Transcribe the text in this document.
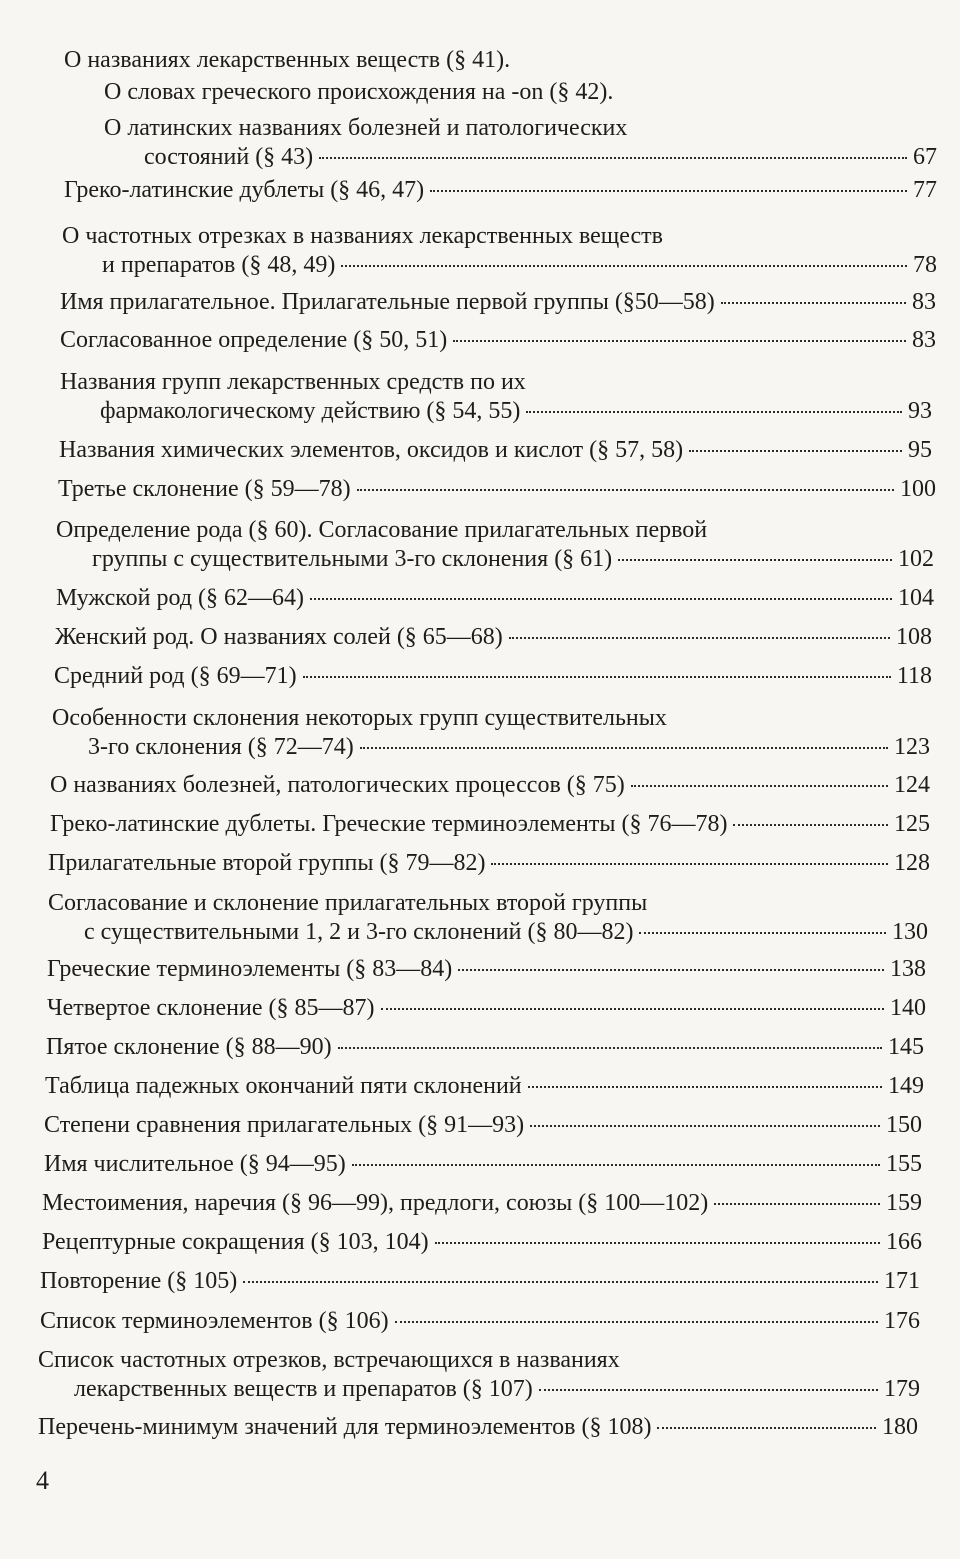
О названиях лекарственных веществ (§ 41).
О словах греческого происхождения на -on (§ 42).
О латинских названиях болезней и патологических
состояний (§ 43)	67
Греко-латинские дублеты (§ 46, 47)	77
О частотных отрезках в названиях лекарственных веществ
и препаратов (§ 48, 49)	78
Имя прилагательное. Прилагательные первой группы (§50—58)	83
Согласованное определение (§ 50, 51)	83
Названия групп лекарственных средств по их
фармакологическому действию (§ 54, 55)	93
Названия химических элементов, оксидов и кислот (§ 57, 58)	95
Третье склонение (§ 59—78)	100
Определение рода (§ 60). Согласование прилагательных первой
группы с существительными 3-го склонения (§ 61)	102
Мужской род (§ 62—64)	104
Женский род. О названиях солей (§ 65—68)	108
Средний род (§ 69—71)	118
Особенности склонения некоторых групп существительных
3-го склонения (§ 72—74)	123
О названиях болезней, патологических процессов (§ 75)	124
Греко-латинские дублеты. Греческие терминоэлементы (§ 76—78)	125
Прилагательные второй группы (§ 79—82)	128
Согласование и склонение прилагательных второй группы
с существительными 1, 2 и 3-го склонений (§ 80—82)	130
Греческие терминоэлементы (§ 83—84)	138
Четвертое склонение (§ 85—87)	140
Пятое склонение (§ 88—90)	145
Таблица падежных окончаний пяти склонений	149
Степени сравнения прилагательных (§ 91—93)	150
Имя числительное (§ 94—95)	155
Местоимения, наречия (§ 96—99), предлоги, союзы (§ 100—102)	159
Рецептурные сокращения (§ 103, 104)	166
Повторение (§ 105)	171
Список терминоэлементов (§ 106)	176
Список частотных отрезков, встречающихся в названиях
лекарственных веществ и препаратов (§ 107)	179
Перечень-минимум значений для терминоэлементов (§ 108)	180
4
